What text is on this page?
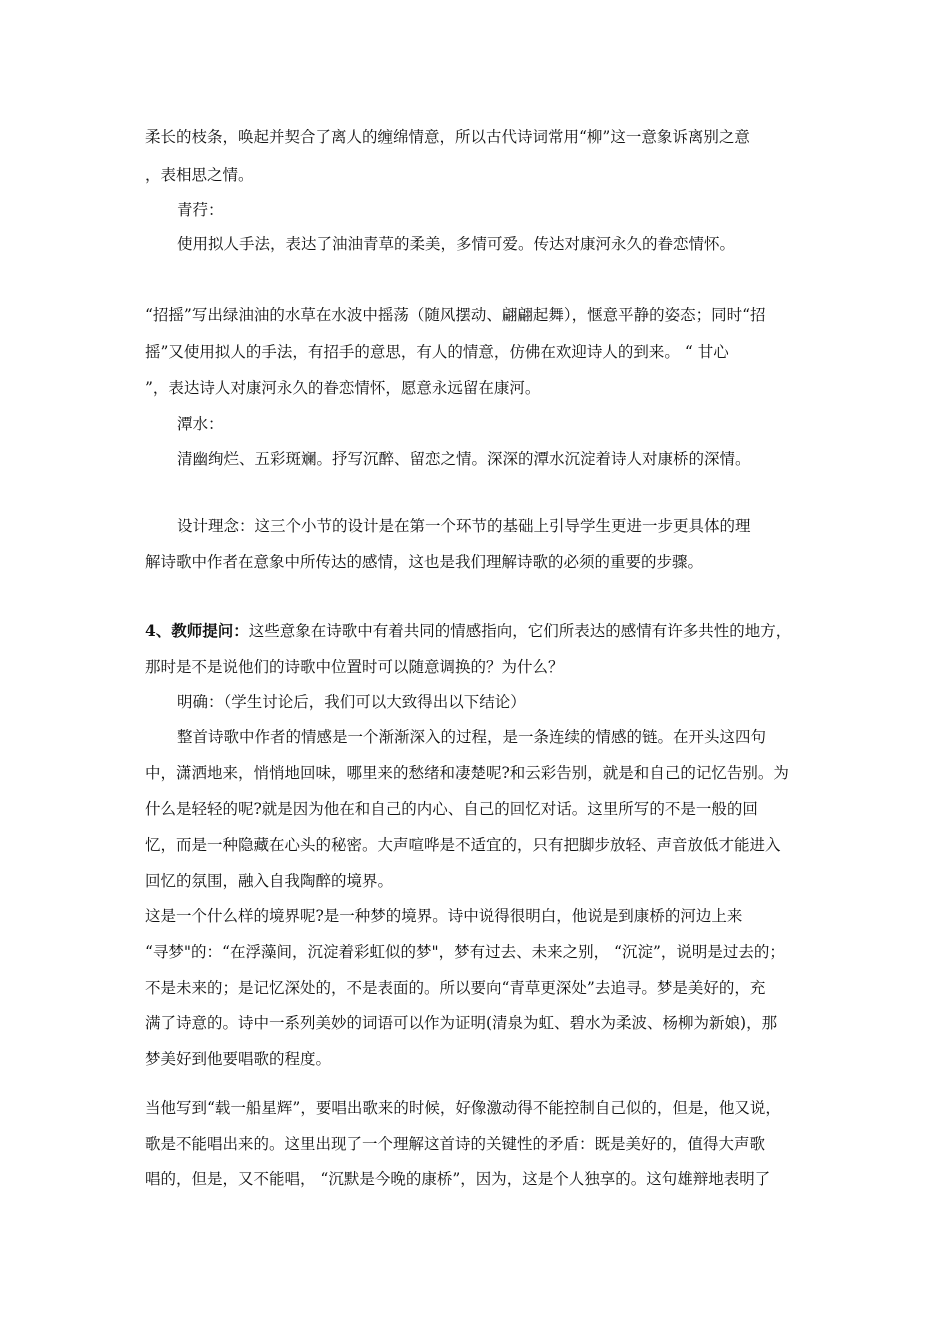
柔长的枝条，唤起并契合了离人的缠绵情意，所以古代诗词常用“柳”这一意象诉离别之意
，表相思之情。
青荇：
使用拟人手法，表达了油油青草的柔美，多情可爱。传达对康河永久的眷恋情怀。
“招摇”写出绿油油的水草在水波中摇荡（随风摆动、翩翩起舞），惬意平静的姿态；同时“招
摇”又使用拟人的手法，有招手的意思，有人的情意，仿佛在欢迎诗人的到来。 “ 甘心
”，表达诗人对康河永久的眷恋情怀，愿意永远留在康河。
潭水：
清幽绚烂、五彩斑斓。抒写沉醉、留恋之情。深深的潭水沉淀着诗人对康桥的深情。
设计理念：这三个小节的设计是在第一个环节的基础上引导学生更进一步更具体的理
解诗歌中作者在意象中所传达的感情，这也是我们理解诗歌的必须的重要的步骤。
4、教师提问：这些意象在诗歌中有着共同的情感指向，它们所表达的感情有许多共性的地方，
那时是不是说他们的诗歌中位置时可以随意调换的？为什么？
明确：（学生讨论后，我们可以大致得出以下结论）
整首诗歌中作者的情感是一个渐渐深入的过程，是一条连续的情感的链。在开头这四句
中，潇洒地来，悄悄地回味，哪里来的愁绪和凄楚呢?和云彩告别，就是和自己的记忆告别。为
什么是轻轻的呢?就是因为他在和自己的内心、自己的回忆对话。这里所写的不是一般的回
忆，而是一种隐藏在心头的秘密。大声喧哗是不适宜的，只有把脚步放轻、声音放低才能进入
回忆的氛围，融入自我陶醉的境界。
这是一个什么样的境界呢?是一种梦的境界。诗中说得很明白，他说是到康桥的河边上来
“寻梦"的：“在浮藻间，沉淀着彩虹似的梦"，梦有过去、未来之别， “沉淀”，说明是过去的；
不是未来的；是记忆深处的，不是表面的。所以要向“青草更深处”去追寻。梦是美好的，充
满了诗意的。诗中一系列美妙的词语可以作为证明(清泉为虹、碧水为柔波、杨柳为新娘)，那
梦美好到他要唱歌的程度。
当他写到“载一船星辉”，要唱出歌来的时候，好像激动得不能控制自己似的，但是，他又说，
歌是不能唱出来的。这里出现了一个理解这首诗的关键性的矛盾：既是美好的，值得大声歌
唱的，但是，又不能唱， “沉默是今晚的康桥”，因为，这是个人独享的。这句雄辩地表明了
